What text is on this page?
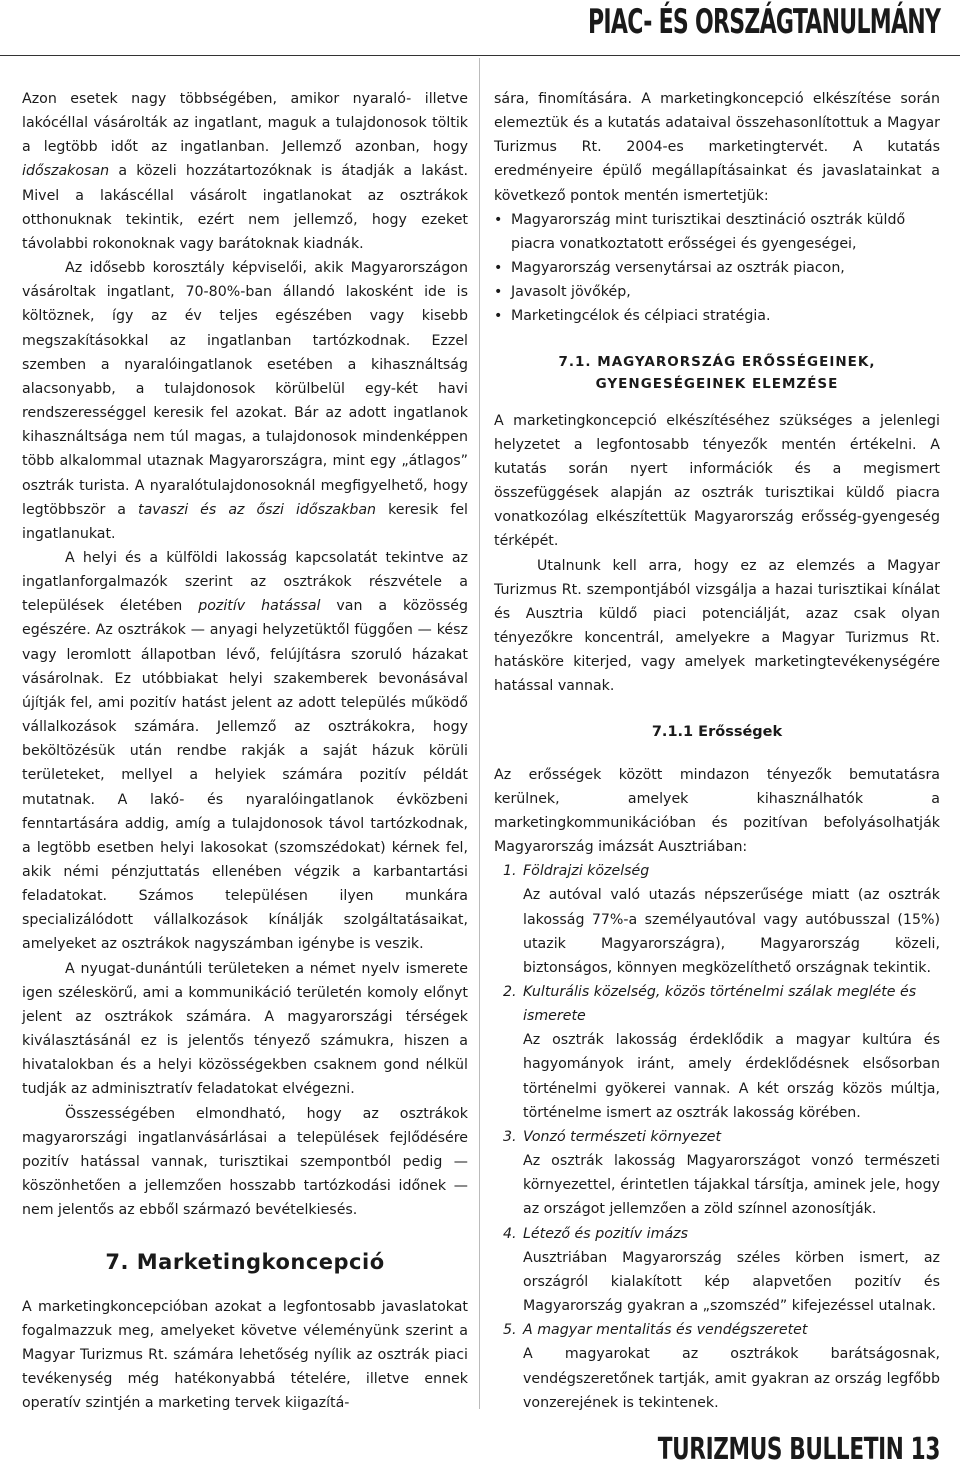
PIAC- ÉS ORSZÁGTANULMÁNY

Azon esetek nagy többségében, amikor nyaraló- illetve lakócéllal vásárolták az ingatlant, maguk a tulajdonosok töltik a legtöbb időt az ingatlanban. Jellemző azonban, hogy időszakosan a közeli hozzátartozóknak is átadják a lakást. Mivel a lakáscéllal vásárolt ingatlanokat az osztrákok otthonuknak tekintik, ezért nem jellemző, hogy ezeket távolabbi rokonoknak vagy barátoknak kiadnák.

Az idősebb korosztály képviselői, akik Magyarországon vásároltak ingatlant, 70-80%-ban állandó lakosként ide is költöznek, így az év teljes egészében vagy kisebb megszakításokkal az ingatlanban tartózkodnak. Ezzel szemben a nyaralóingatlanok esetében a kihasználtság alacsonyabb, a tulajdonosok körülbelül egy-két havi rendszerességgel keresik fel azokat. Bár az adott ingatlanok kihasználtsága nem túl magas, a tulajdonosok mindenképpen több alkalommal utaznak Magyarországra, mint egy „átlagos” osztrák turista. A nyaralótulajdonosoknál megfigyelhető, hogy legtöbbször a tavaszi és az őszi időszakban keresik fel ingatlanukat.

A helyi és a külföldi lakosság kapcsolatát tekintve az ingatlanforgalmazók szerint az osztrákok részvétele a települések életében pozitív hatással van a közösség egészére. Az osztrákok — anyagi helyzetüktől függően — kész vagy leromlott állapotban lévő, felújításra szoruló házakat vásárolnak. Ez utóbbiakat helyi szakemberek bevonásával újítják fel, ami pozitív hatást jelent az adott település működő vállalkozások számára. Jellemző az osztrákokra, hogy beköltözésük után rendbe rakják a saját házuk körüli területeket, mellyel a helyiek számára pozitív példát mutatnak. A lakó- és nyaralóingatlanok évközbeni fenntartására addig, amíg a tulajdonosok távol tartózkodnak, a legtöbb esetben helyi lakosokat (szomszédokat) kérnek fel, akik némi pénzjuttatás ellenében végzik a karbantartási feladatokat. Számos településen ilyen munkára specializálódott vállalkozások kínálják szolgáltatásaikat, amelyeket az osztrákok nagyszámban igénybe is veszik.

A nyugat-dunántúli területeken a német nyelv ismerete igen széleskörű, ami a kommunikáció területén komoly előnyt jelent az osztrákok számára. A magyarországi térségek kiválasztásánál ez is jelentős tényező számukra, hiszen a hivatalokban és a helyi közösségekben csaknem gond nélkül tudják az adminisztratív feladatokat elvégezni.

Összességében elmondható, hogy az osztrákok magyarországi ingatlanvásárlásai a települések fejlődésére pozitív hatással vannak, turisztikai szempontból pedig — köszönhetően a jellemzően hosszabb tartózkodási időnek — nem jelentős az ebből származó bevételkiesés.

7. Marketingkoncepció

A marketingkoncepcióban azokat a legfontosabb javaslatokat fogalmazzuk meg, amelyeket követve véleményünk szerint a Magyar Turizmus Rt. számára lehetőség nyílik az osztrák piaci tevékenység még hatékonyabbá tételére, illetve ennek operatív szintjén a marketing tervek kiigazítá-

sára, finomítására. A marketingkoncepció elkészítése során elemeztük és a kutatás adataival összehasonlítottuk a Magyar Turizmus Rt. 2004-es marketingtervét. A kutatás eredményeire épülő megállapításainkat és javaslatainkat a következő pontok mentén ismertetjük:

• Magyarország mint turisztikai desztináció osztrák küldő piacra vonatkoztatott erősségei és gyengeségei,
• Magyarország versenytársai az osztrák piacon,
• Javasolt jövőkép,
• Marketingcélok és célpiaci stratégia.
7.1. MAGYARORSZÁG ERŐSSÉGEINEK,
GYENGESÉGEINEK ELEMZÉSE

A marketingkoncepció elkészítéséhez szükséges a jelenlegi helyzetet a legfontosabb tényezők mentén értékelni. A kutatás során nyert információk és a megismert összefüggések alapján az osztrák turisztikai küldő piacra vonatkozólag elkészítettük Magyarország erősség-gyengeség térképét.

Utalnunk kell arra, hogy ez az elemzés a Magyar Turizmus Rt. szempontjából vizsgálja a hazai turisztikai kínálat és Ausztria küldő piaci potenciálját, azaz csak olyan tényezőkre koncentrál, amelyekre a Magyar Turizmus Rt. hatásköre kiterjed, vagy amelyek marketingtevékenységére hatással vannak.

7.1.1 Erősségek

Az erősségek között mindazon tényezők bemutatásra kerülnek, amelyek kihasználhatók a marketingkommunikációban és pozitívan befolyásolhatják Magyarország imázsát Ausztriában:

1. Földrajzi közelség
Az autóval való utazás népszerűsége miatt (az osztrák lakosság 77%-a személyautóval vagy autóbusszal (15%) utazik Magyarországra), Magyarország közeli, biztonságos, könnyen megközelíthető országnak tekintik.
2. Kulturális közelség, közös történelmi szálak megléte és ismerete
Az osztrák lakosság érdeklődik a magyar kultúra és hagyományok iránt, amely érdeklődésnek elsősorban történelmi gyökerei vannak. A két ország közös múltja, történelme ismert az osztrák lakosság körében.
3. Vonzó természeti környezet
Az osztrák lakosság Magyarországot vonzó természeti környezettel, érintetlen tájakkal társítja, aminek jele, hogy az országot jellemzően a zöld színnel azonosítják.
4. Létező és pozitív imázs
Ausztriában Magyarország széles körben ismert, az országról kialakított kép alapvetően pozitív és Magyarország gyakran a „szomszéd” kifejezéssel utalnak.
5. A magyar mentalitás és vendégszeretet
A magyarokat az osztrákok barátságosnak, vendégszeretőnek tartják, amit gyakran az ország legfőbb vonzerejének is tekintenek.
TURIZMUS BULLETIN 13
